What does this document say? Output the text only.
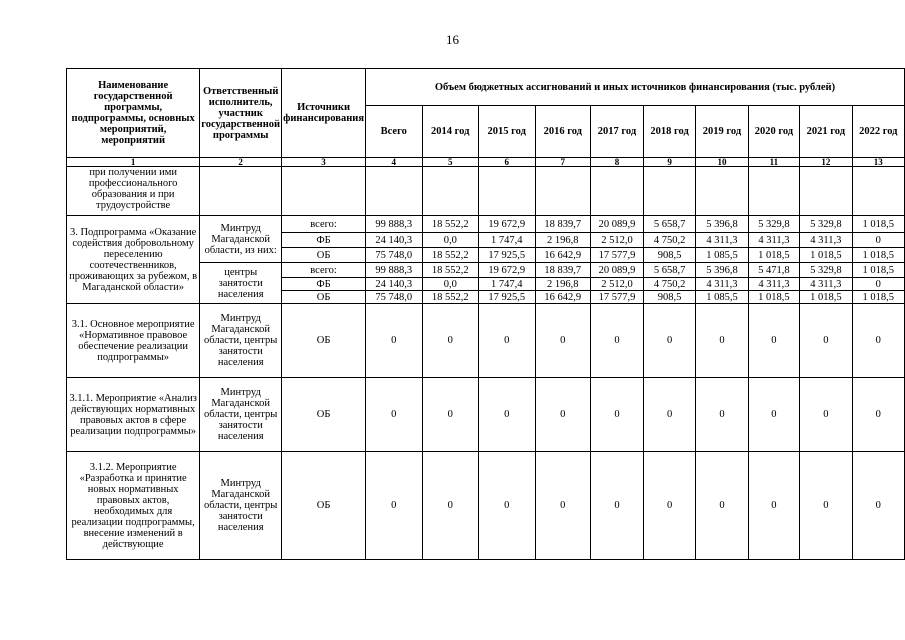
16
Наименование государственной программы, подпрограммы, основных мероприятий, мероприятий	Ответственный исполнитель, участник государственной программы	Источники финансирования	Объем бюджетных ассигнований и иных источников финансирования (тыс. рублей)									
			Всего	2014 год	2015 год	2016 год	2017 год	2018 год	2019 год	2020 год	2021 год	2022 год
1	2	3	4	5	6	7	8	9	10	11	12	13
при получении ими профессионального образования и при трудоустройстве												
3. Подпрограмма «Оказание содействия добровольному переселению соотечественников, проживающих за рубежом, в Магаданской области»	Минтруд Магаданской области, из них:	всего:	99 888,3	18 552,2	19 672,9	18 839,7	20 089,9	5 658,7	5 396,8	5 329,8	5 329,8	1 018,5
		ФБ	24 140,3	0,0	1 747,4	2 196,8	2 512,0	4 750,2	4 311,3	4 311,3	4 311,3	0
		ОБ	75 748,0	18 552,2	17 925,5	16 642,9	17 577,9	908,5	1 085,5	1 018,5	1 018,5	1 018,5
	центры занятости населения	всего:	99 888,3	18 552,2	19 672,9	18 839,7	20 089,9	5 658,7	5 396,8	5 471,8	5 329,8	1 018,5
		ФБ	24 140,3	0,0	1 747,4	2 196,8	2 512,0	4 750,2	4 311,3	4 311,3	4 311,3	0
		ОБ	75 748,0	18 552,2	17 925,5	16 642,9	17 577,9	908,5	1 085,5	1 018,5	1 018,5	1 018,5
3.1. Основное мероприятие «Нормативное правовое обеспечение реализации подпрограммы»	Минтруд Магаданской области, центры занятости населения	ОБ	0	0	0	0	0	0	0	0	0	0
3.1.1. Мероприятие «Анализ действующих нормативных правовых актов в сфере реализации подпрограммы»	Минтруд Магаданской области, центры занятости населения	ОБ	0	0	0	0	0	0	0	0	0	0
3.1.2. Мероприятие «Разработка и принятие новых нормативных правовых актов, необходимых для реализации подпрограммы, внесение изменений в действующие	Минтруд Магаданской области, центры занятости населения	ОБ	0	0	0	0	0	0	0	0	0	0
